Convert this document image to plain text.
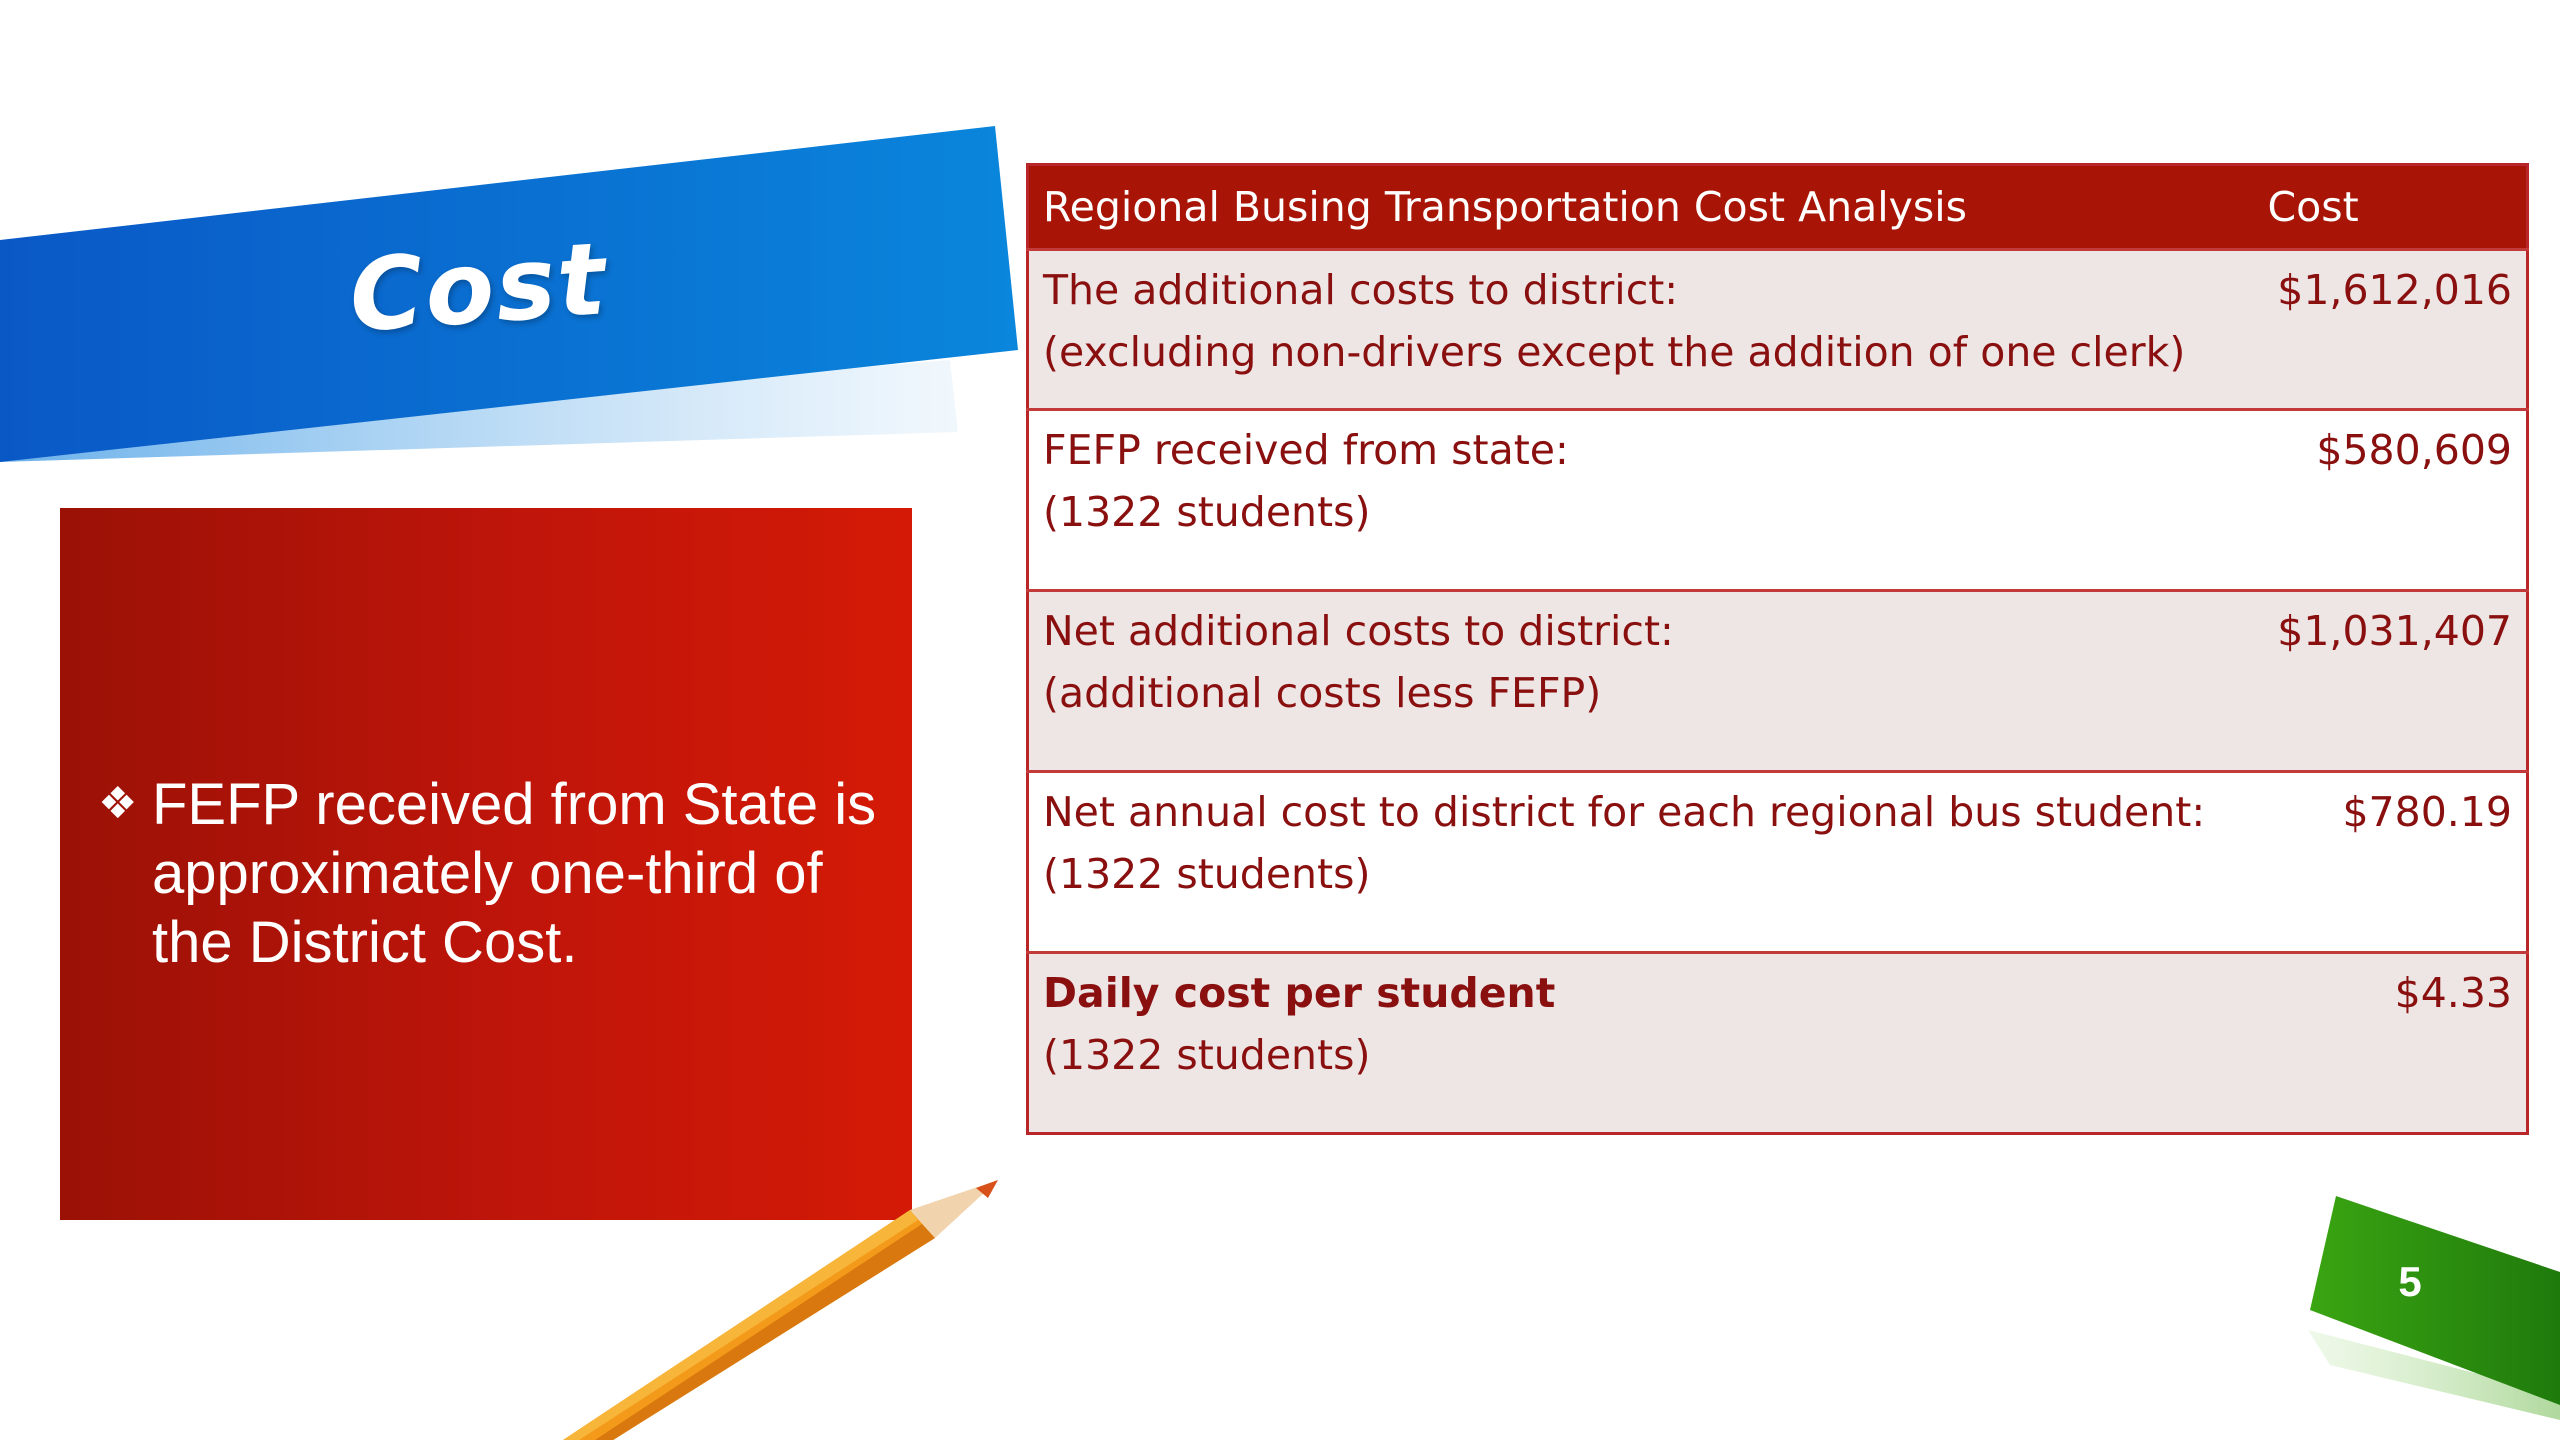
Cost
❖ FEFP received from State is approximately one-third of the District Cost.
Regional Busing Transportation Cost Analysis	Cost

The additional costs to district:
(excluding non-drivers except the addition of one clerk)	$1,612,016

FEFP received from state:
(1322 students)	$580,609

Net additional costs to district:
(additional costs less FEFP)	$1,031,407

Net annual cost to district for each regional bus student:
(1322 students)	$780.19

Daily cost per student
(1322 students)	$4.33
5
